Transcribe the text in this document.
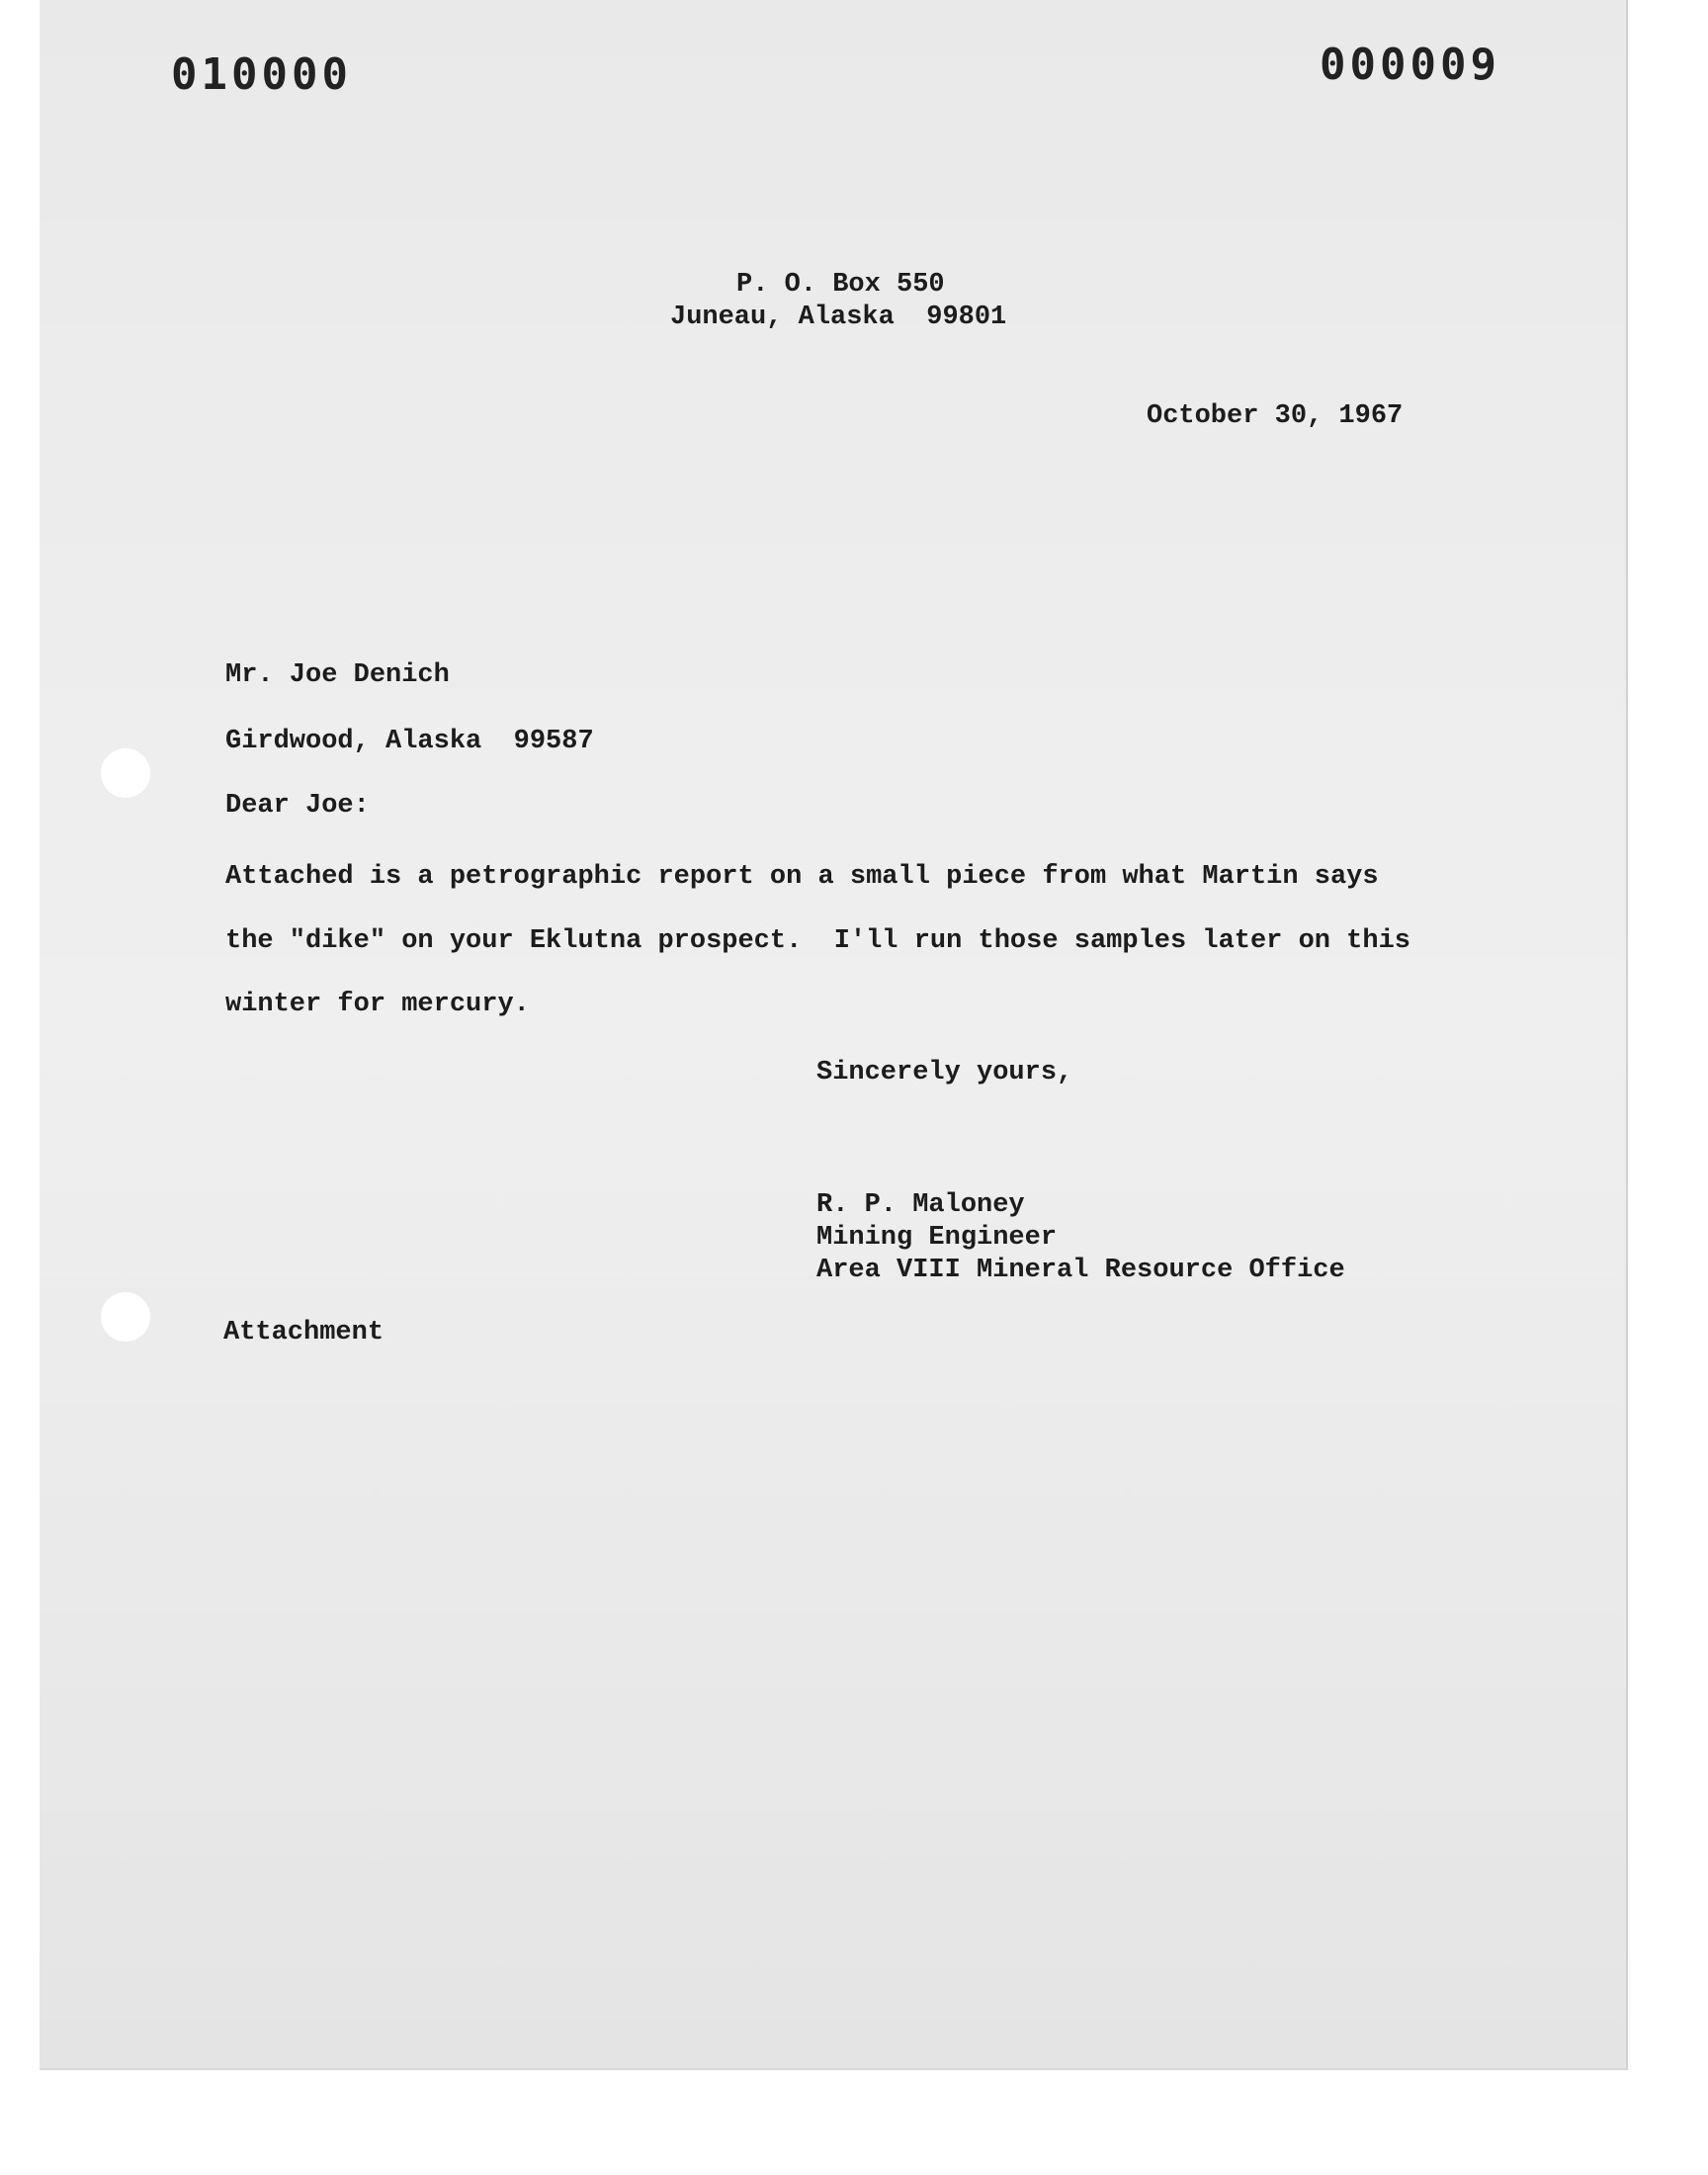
010000	000009
P. O. Box 550
Juneau, Alaska  99801
October 30, 1967
Mr. Joe Denich
Girdwood, Alaska  99587
Dear Joe:
Attached is a petrographic report on a small piece from what Martin says
the "dike" on your Eklutna prospect.  I'll run those samples later on this
winter for mercury.
Sincerely yours,
R. P. Maloney
Mining Engineer
Area VIII Mineral Resource Office
Attachment
